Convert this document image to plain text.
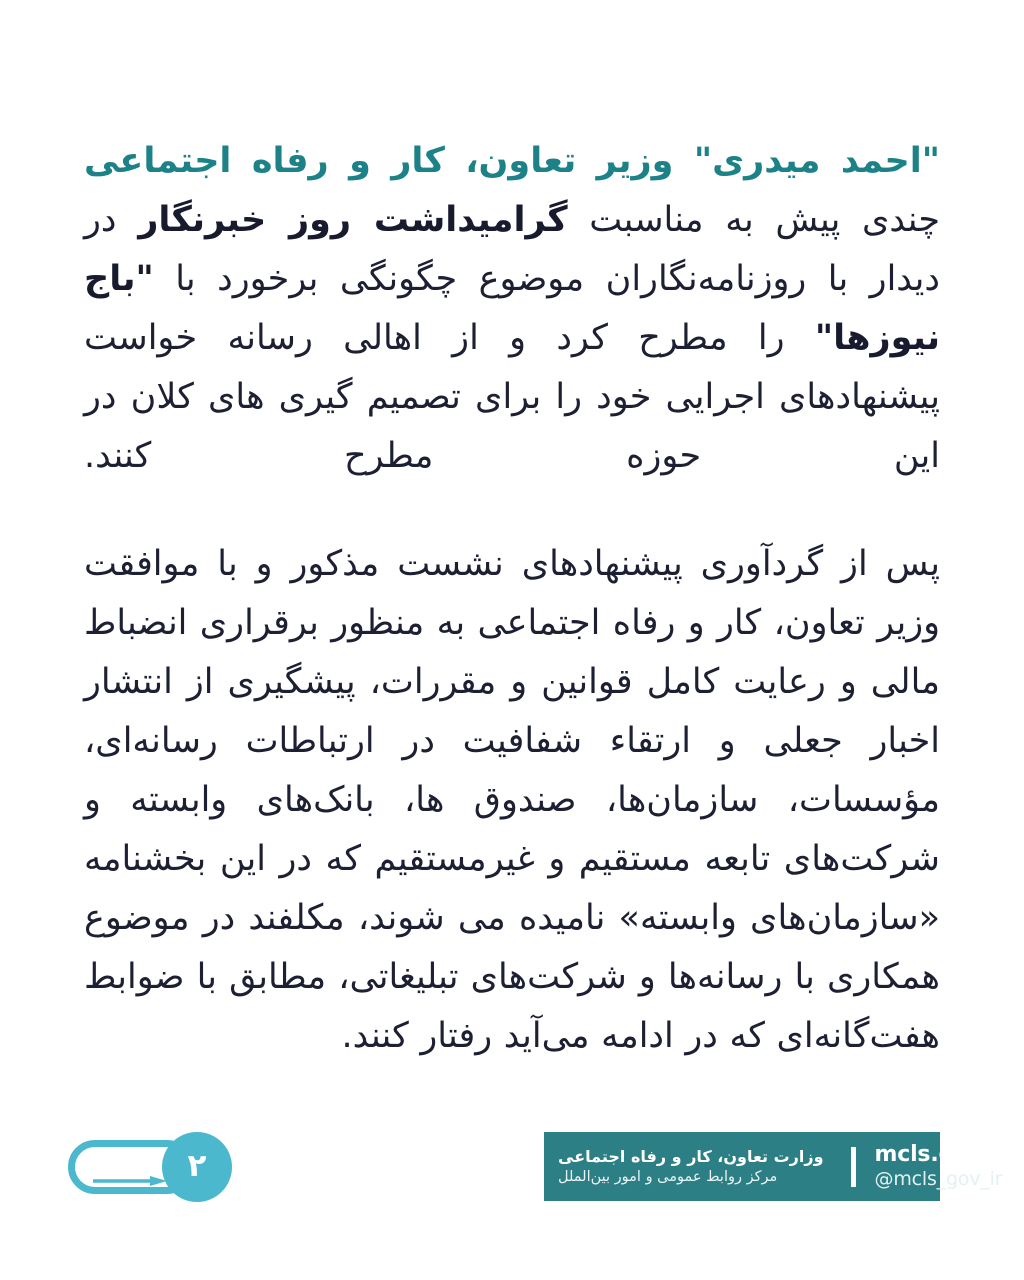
"احمد میدری" وزیر تعاون، کار و رفاه اجتماعی چندی پیش به مناسبت گرامیداشت روز خبرنگار در دیدار با روزنامه‌نگاران موضوع چگونگی برخورد با "باج نیوزها" را مطرح کرد و از اهالی رسانه خواست پیشنهادهای اجرایی خود را برای تصمیم گیری های کلان در این حوزه مطرح کنند.

پس از گردآوری پیشنهادهای نشست مذکور و با موافقت وزیر تعاون، کار و رفاه اجتماعی به منظور برقراری انضباط مالی و رعایت کامل قوانین و مقررات، پیشگیری از انتشار اخبار جعلی و ارتقاء شفافیت در ارتباطات رسانه‌ای، مؤسسات، سازمان‌ها، صندوق ها، بانک‌های وابسته و شرکت‌های تابعه مستقیم و غیرمستقیم که در این بخشنامه «سازمان‌های وابسته» نامیده می شوند، مکلفند در موضوع همکاری با رسانه‌ها و شرکت‌های تبلیغاتی، مطابق با ضوابط هفت‌گانه‌ای که در ادامه می‌آید رفتار کنند.

وزارت تعاون، کار و رفاه اجتماعی
مرکز روابط عمومی و امور بین‌الملل
mcls.gov.ir
@mcls_gov_ir
۲
